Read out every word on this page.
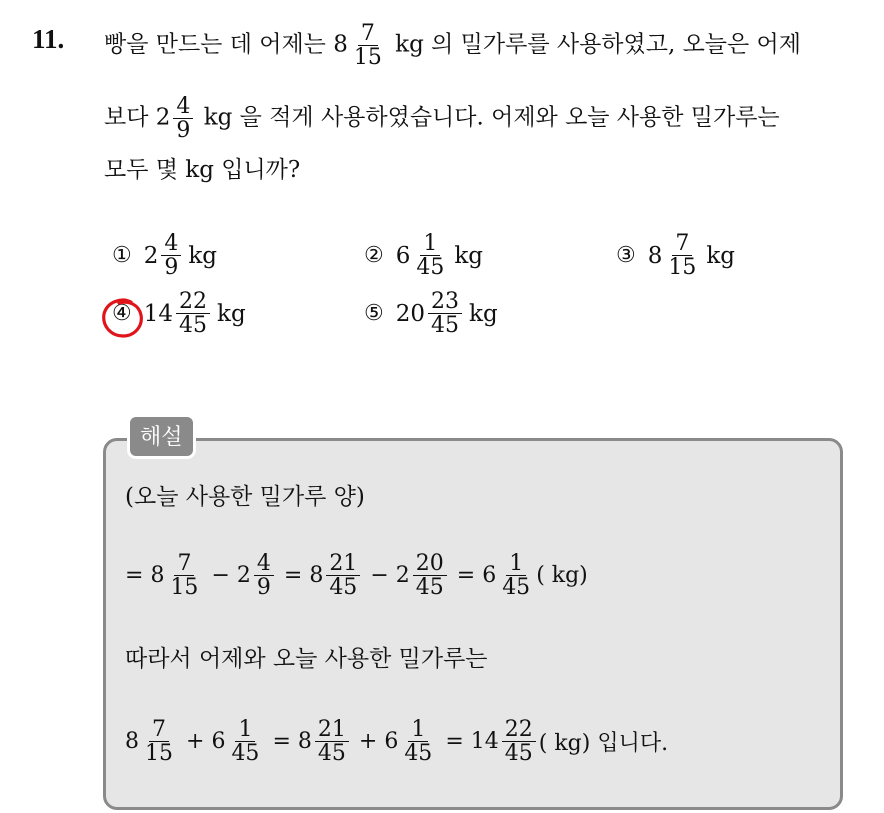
11. 빵을 만드는 데 어제는 $8 \frac{7}{15}$ kg 의 밀가루를 사용하였고, 오늘은 어제
보다 $2 \frac{4}{9}$ kg 을 적게 사용하였습니다. 어제와 오늘 사용한 밀가루는
모두 몇 kg 입니까?
① $2 \frac{4}{9}$ kg	② $6 \frac{1}{45}$ kg	③ $8 \frac{7}{15}$ kg
④ $14 \frac{22}{45}$ kg	⑤ $20 \frac{23}{45}$ kg
해설
(오늘 사용한 밀가루 양)
= $8 \frac{7}{15} - 2 \frac{4}{9} = 8 \frac{21}{45} - 2 \frac{20}{45} = 6 \frac{1}{45}$ ( kg)
따라서 어제와 오늘 사용한 밀가루는
$8 \frac{7}{15} + 6 \frac{1}{45} = 8 \frac{21}{45} + 6 \frac{1}{45} = 14 \frac{22}{45}$ ( kg) 입니다.
